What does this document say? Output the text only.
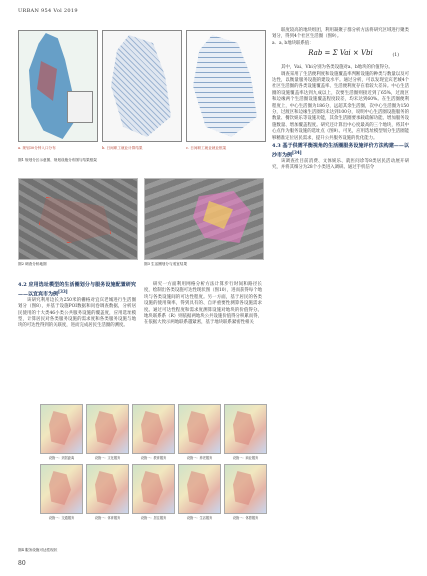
URBAN 954 Vol 2019
80
a. 规划30分钟入口分布	b. 日间职工就业计算结果	c. 日间职工就业就业框架
图1 规划分区示意图、规划设施分布图与结果框架
图2 调查分析地图	图3 生活圈划分与适宜结果

4.2 应用选址模型的生活圈划分与服务设施配置研究——以宜宾市为例[33]

该研究利用边长为250米的栅格对宜宾老城进行生活圈划分（图8），并基于设施POI数据和问卷调查数据，分析居民使用的十大类46小类公共服务设施的覆盖度，应用选址模型，计算居民对各类服务设施的需求度和各类服务设施与地块的可达性得到的关联度，进而完成居民生活圈的测度。

研究一方面利用网格分析方法计算步行时间和路径长度，绘制出各类设施可达性现状图（图10），进而获得每个地块与各类设施间的可达性程度。另一方面，基于居民的各类设施的使用频率，得到具有的、自评重要性测算各设施需求度。通过可达性程度和需求度测算设施对地块的价值得分。地块联系系（R）则依据两地块公共设施价值得分积累而得，在依据大致示两地联系越紧密，基于地块联系紧密性相关

联度较高的地块组团，利用凝聚子群分析方法将研究区域进行聚类划分，得到4个社区生活圈（图9）。

a．a, b地块联系值：

Rab = Σ Vai × Vbi	(1)

其中，Vai、Vbi分别为各类设施对a、b地块的价值得分。

调查采用了生活便利度和设施覆盖率判断设施的种类与数量以及可达性，以衡量服务设施的建设水平。通过分析，可以发现宜宾老城4个社区生活圈的各类设施覆盖率、生活便利度存在着较大差异。中心生活圈的设施覆盖率达到九成以上，次要生活圈则接近到了65%，过渡区和边缘两个生活圈设施覆盖程度较差，均未达到60%。在生活圈便利程度上，中心生活圈为186分，远超其余生活圈，次中心生活圈为150分，过渡区和边缘生活圈均未达到100分，说明中心生活圈设施服务的数量、餐饮娱乐等设施功能，其余生活圈要承载疏解功能、增加服务设施数量、增加覆盖程度。研究还计算出中心度最高的三个地块，将其中心点作为服务设施的选址点（图9）。可见，应用选址模型划分生活圈能够精准定位居民需求，提升公共服务设施的优化能力。

4.3 基于供需平衡视角的生活圈服务设施评价方法构建——以沙市为例[34]

该调查社目前消费、文体娱乐、就医问诊等8类居民活动展开研究，并将其细分为28个小类进入调研。通过手机信令

设施一：到居距离	设施一：文化服务	设施一：教育服务	设施一：养老服务	设施一：商业服务
设施一：交通服务	设施一：体育服务	设施一：居住服务	设施一：生活服务	设施一：休憩服务
图4 服务设施可达性现状
